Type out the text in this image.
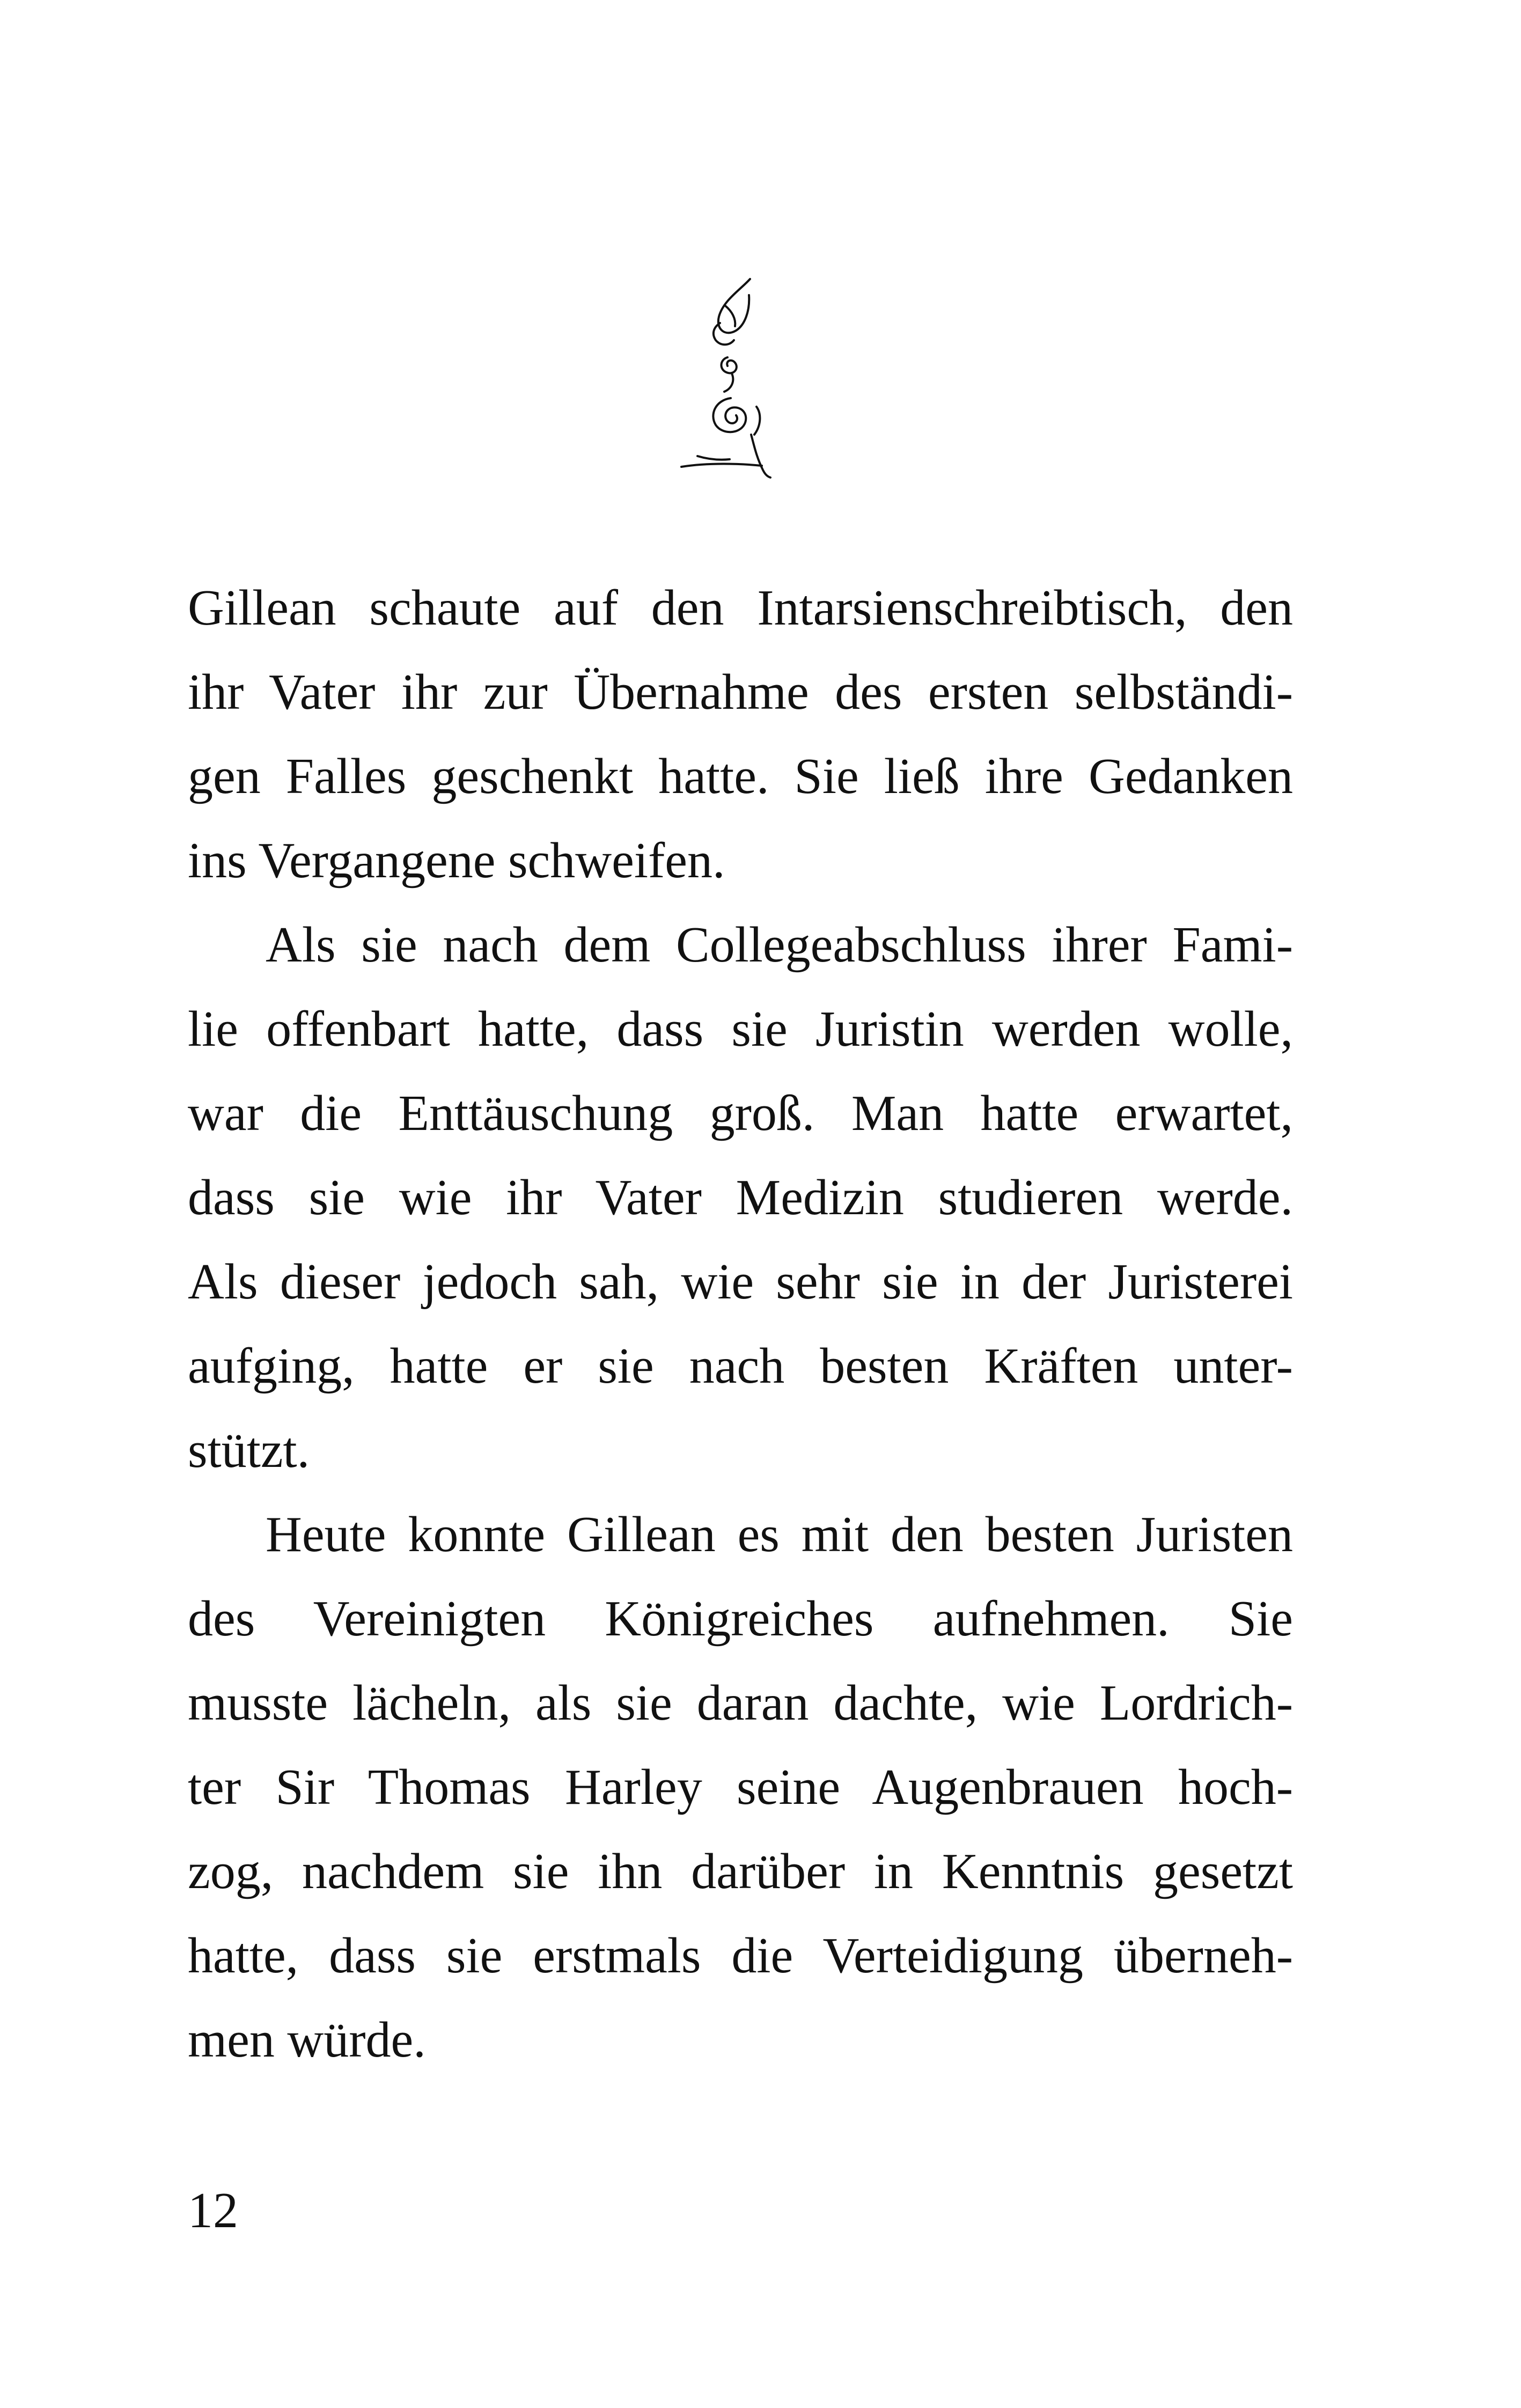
Gillean schaute auf den Intarsienschreibtisch, den
ihr Vater ihr zur Übernahme des ersten selbständi-
gen Falles geschenkt hatte. Sie ließ ihre Gedanken
ins Vergangene schweifen.
Als sie nach dem Collegeabschluss ihrer Fami-
lie offenbart hatte, dass sie Juristin werden wolle,
war die Enttäuschung groß. Man hatte erwartet,
dass sie wie ihr Vater Medizin studieren werde.
Als dieser jedoch sah, wie sehr sie in der Juristerei
aufging, hatte er sie nach besten Kräften unter-
stützt.
Heute konnte Gillean es mit den besten Juristen
des Vereinigten Königreiches aufnehmen. Sie
musste lächeln, als sie daran dachte, wie Lordrich-
ter Sir Thomas Harley seine Augenbrauen hoch-
zog, nachdem sie ihn darüber in Kenntnis gesetzt
hatte, dass sie erstmals die Verteidigung überneh-
men würde.
12
